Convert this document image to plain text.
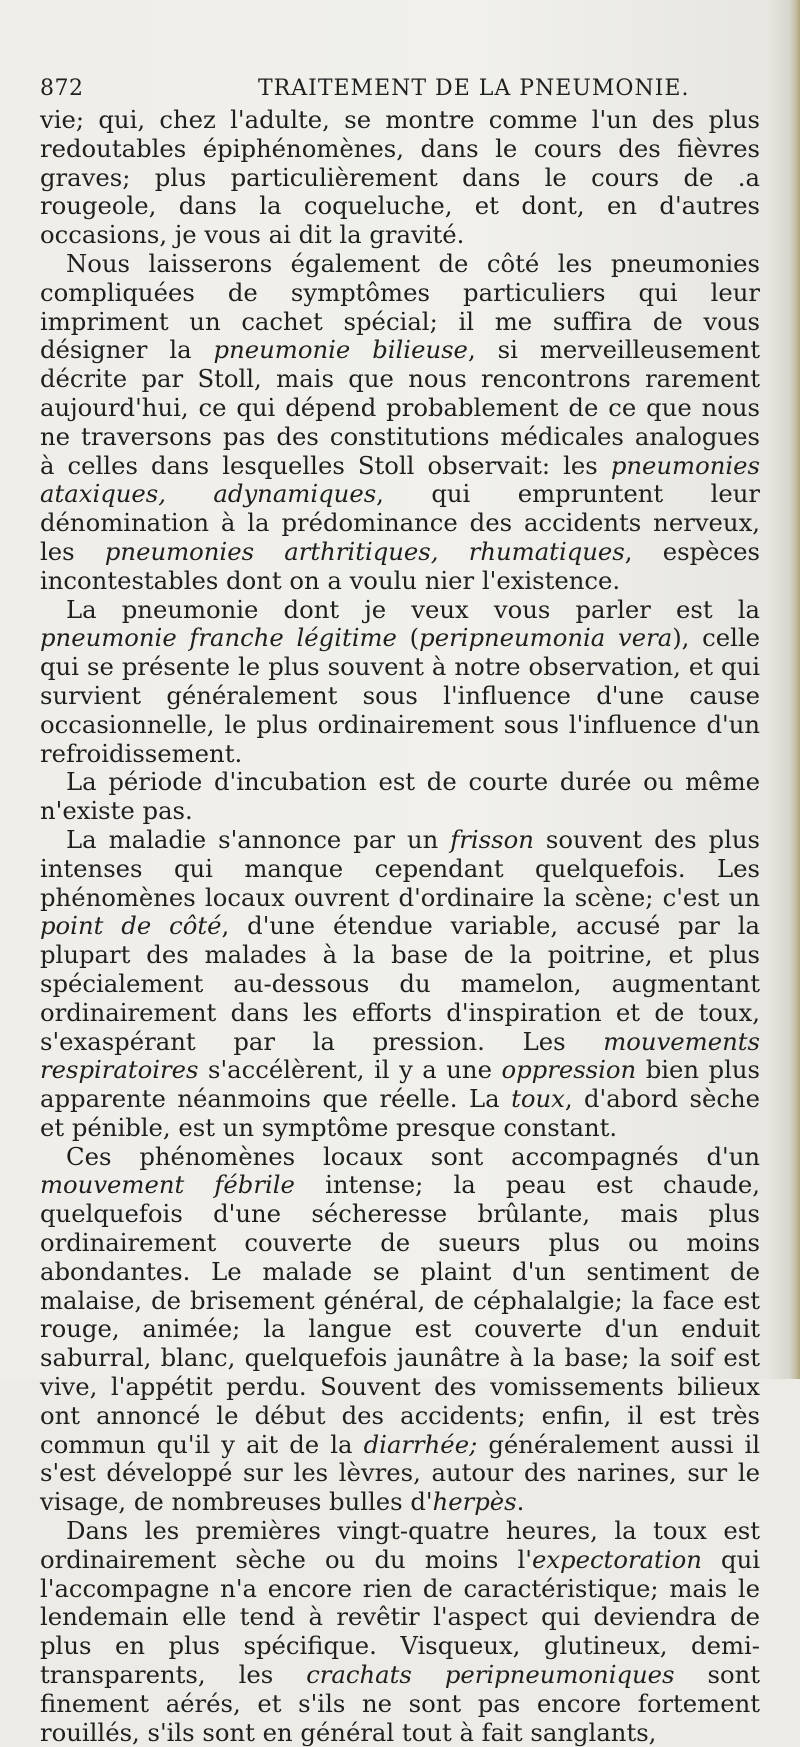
872	TRAITEMENT DE LA PNEUMONIE.

vie; qui, chez l'adulte, se montre comme l'un des plus redoutables épiphénomènes, dans le cours des fièvres graves; plus particulièrement dans le cours de .a rougeole, dans la coqueluche, et dont, en d'autres occasions, je vous ai dit la gravité.

Nous laisserons également de côté les pneumonies compliquées de symptômes particuliers qui leur impriment un cachet spécial; il me suffira de vous désigner la pneumonie bilieuse, si merveilleusement décrite par Stoll, mais que nous rencontrons rarement aujourd'hui, ce qui dépend probablement de ce que nous ne traversons pas des constitutions médicales analogues à celles dans lesquelles Stoll observait: les pneumonies ataxiques, adynamiques, qui empruntent leur dénomination à la prédominance des accidents nerveux, les pneumonies arthritiques, rhumatiques, espèces incontestables dont on a voulu nier l'existence.

La pneumonie dont je veux vous parler est la pneumonie franche légitime (peripneumonia vera), celle qui se présente le plus souvent à notre observation, et qui survient généralement sous l'influence d'une cause occasionnelle, le plus ordinairement sous l'influence d'un refroidissement.

La période d'incubation est de courte durée ou même n'existe pas.

La maladie s'annonce par un frisson souvent des plus intenses qui manque cependant quelquefois. Les phénomènes locaux ouvrent d'ordinaire la scène; c'est un point de côté, d'une étendue variable, accusé par la plupart des malades à la base de la poitrine, et plus spécialement au-dessous du mamelon, augmentant ordinairement dans les efforts d'inspiration et de toux, s'exaspérant par la pression. Les mouvements respiratoires s'accélèrent, il y a une oppression bien plus apparente néanmoins que réelle. La toux, d'abord sèche et pénible, est un symptôme presque constant.

Ces phénomènes locaux sont accompagnés d'un mouvement fébrile intense; la peau est chaude, quelquefois d'une sécheresse brûlante, mais plus ordinairement couverte de sueurs plus ou moins abondantes. Le malade se plaint d'un sentiment de malaise, de brisement général, de céphalalgie; la face est rouge, animée; la langue est couverte d'un enduit saburral, blanc, quelquefois jaunâtre à la base; la soif est vive, l'appétit perdu. Souvent des vomissements bilieux ont annoncé le début des accidents; enfin, il est très commun qu'il y ait de la diarrhée; généralement aussi il s'est développé sur les lèvres, autour des narines, sur le visage, de nombreuses bulles d'herpès.

Dans les premières vingt-quatre heures, la toux est ordinairement sèche ou du moins l'expectoration qui l'accompagne n'a encore rien de caractéristique; mais le lendemain elle tend à revêtir l'aspect qui deviendra de plus en plus spécifique. Visqueux, glutineux, demi-transparents, les crachats peripneumoniques sont finement aérés, et s'ils ne sont pas encore fortement rouillés, s'ils sont en général tout à fait sanglants,
